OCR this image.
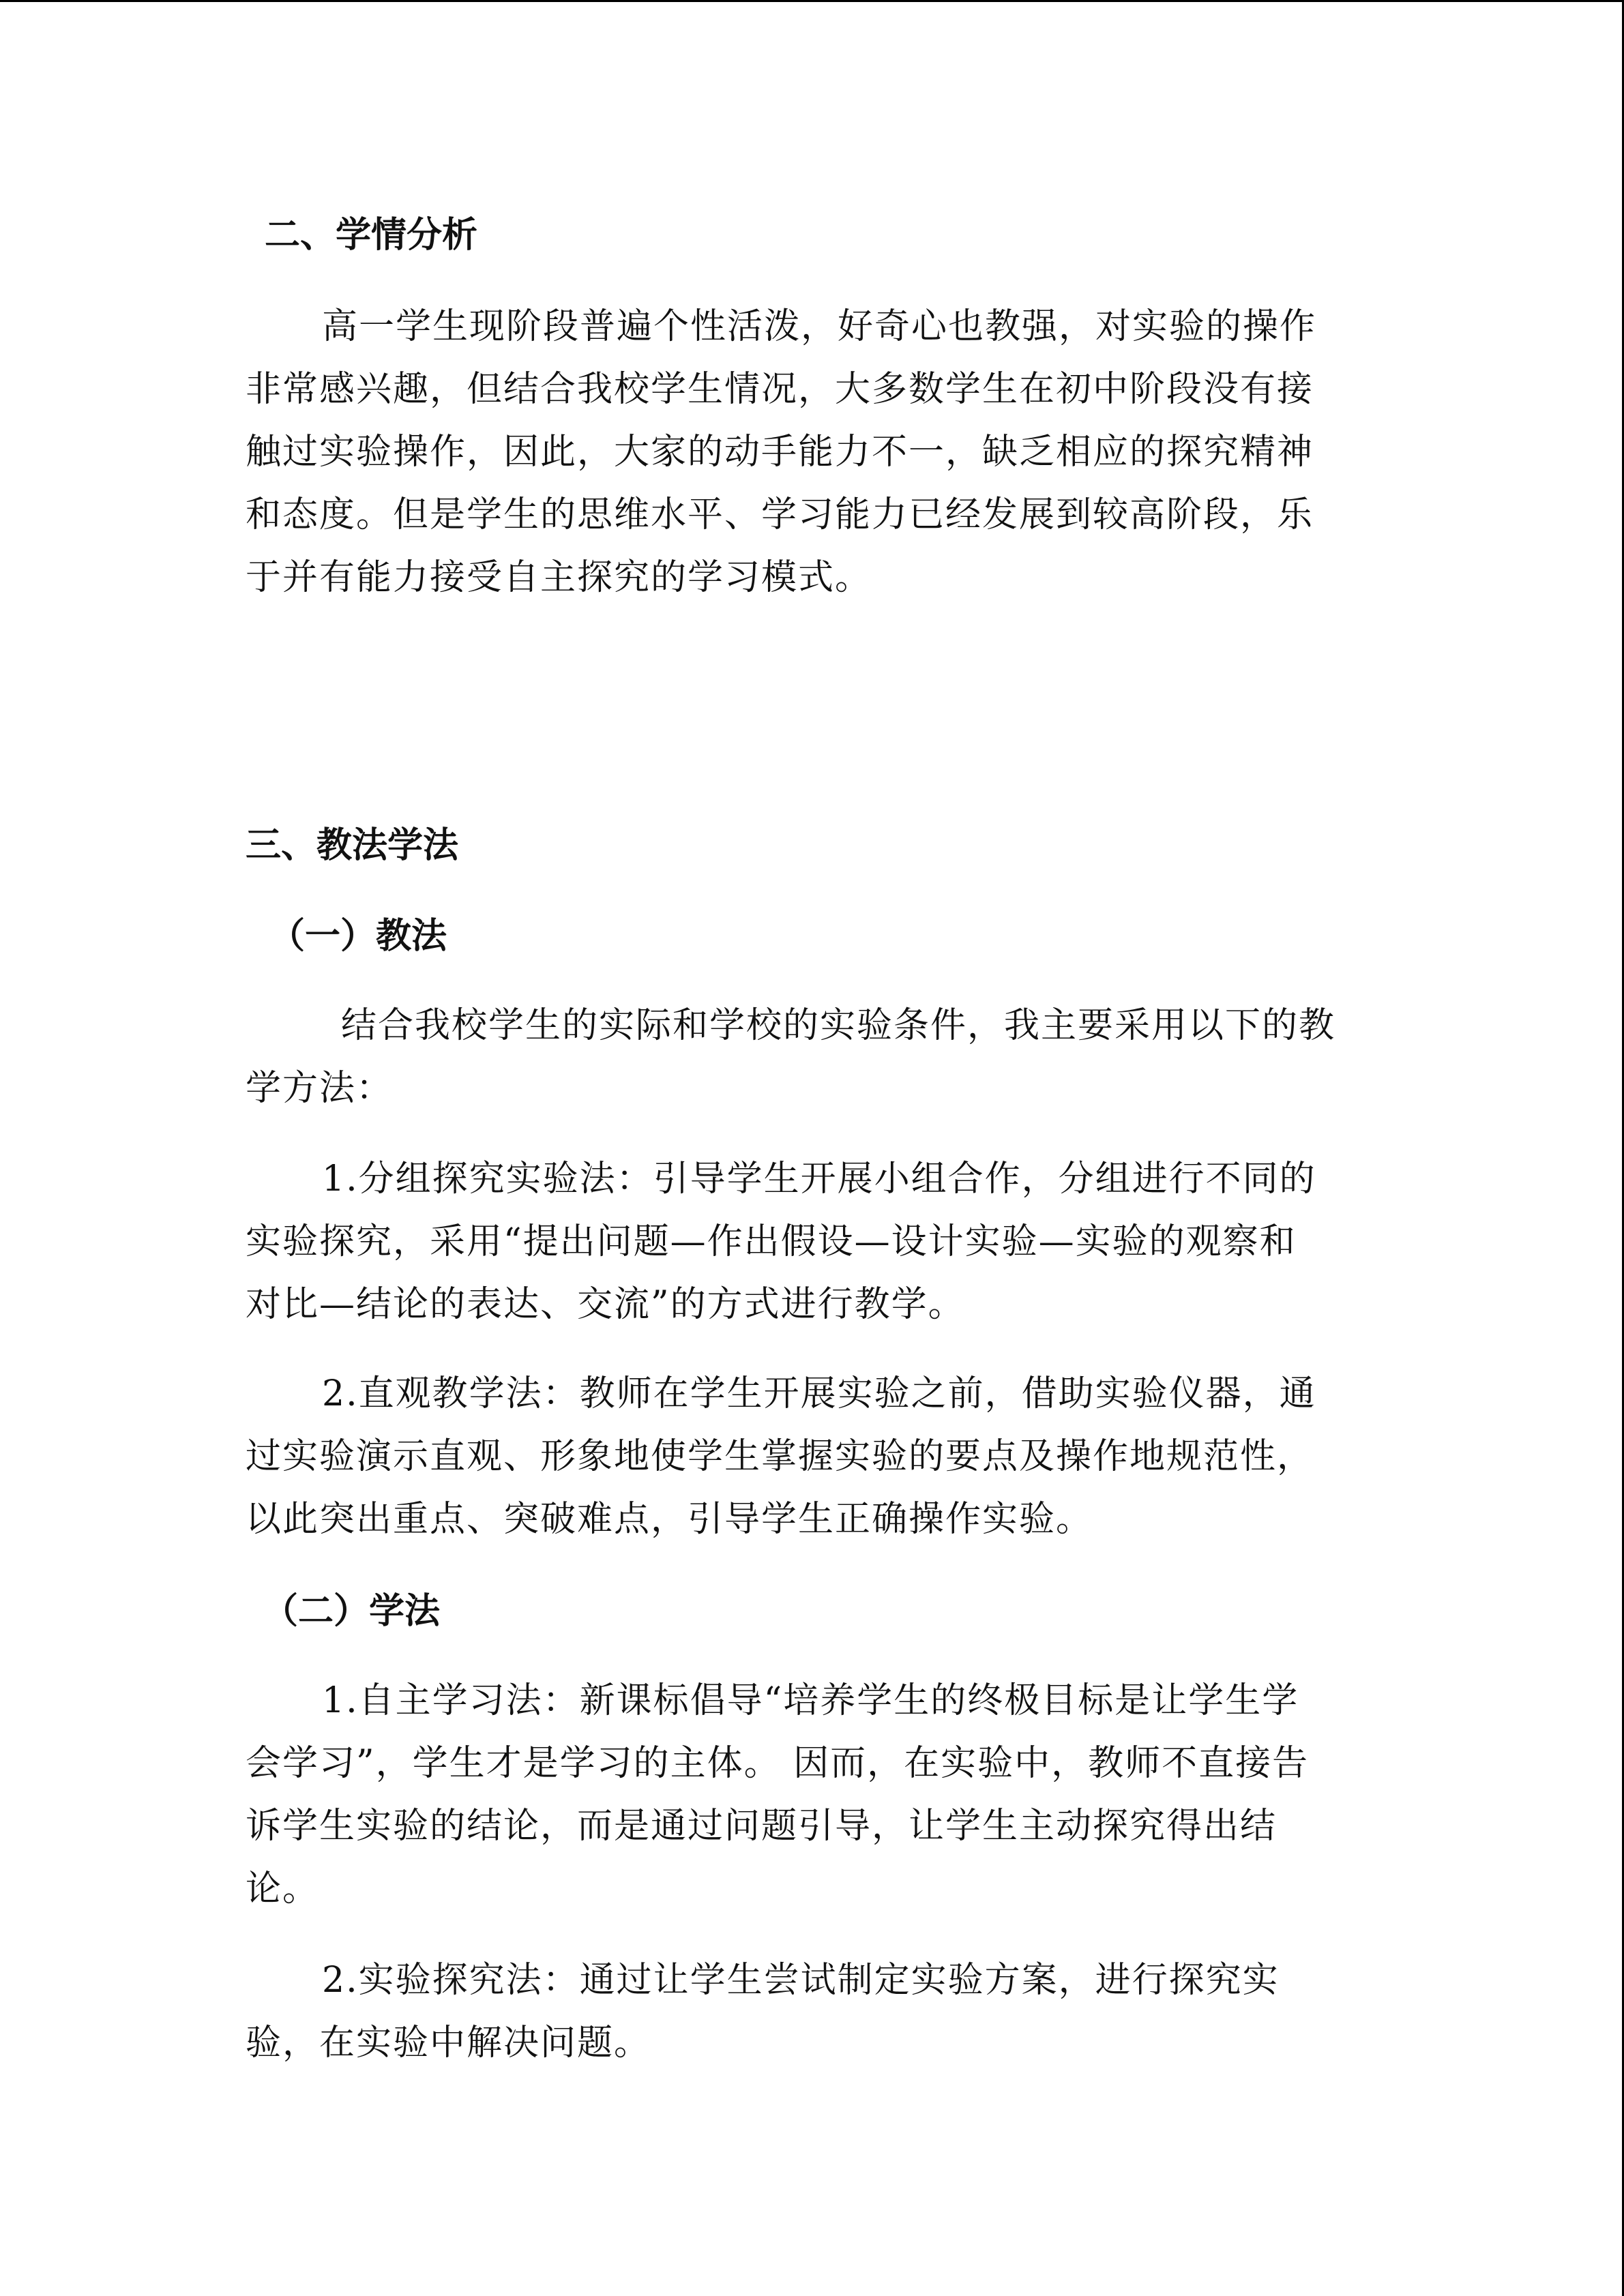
二、学情分析
高一学生现阶段普遍个性活泼，好奇心也教强，对实验的操作
非常感兴趣，但结合我校学生情况，大多数学生在初中阶段没有接
触过实验操作，因此，大家的动手能力不一，缺乏相应的探究精神
和态度。但是学生的思维水平、学习能力已经发展到较高阶段，乐
于并有能力接受自主探究的学习模式。
三、教法学法
（一）教法
结合我校学生的实际和学校的实验条件，我主要采用以下的教
学方法：
1.分组探究实验法：引导学生开展小组合作，分组进行不同的
实验探究，采用“提出问题—作出假设—设计实验—实验的观察和
对比—结论的表达、交流”的方式进行教学。
2.直观教学法：教师在学生开展实验之前，借助实验仪器，通
过实验演示直观、形象地使学生掌握实验的要点及操作地规范性，
以此突出重点、突破难点，引导学生正确操作实验。
（二）学法
1.自主学习法：新课标倡导“培养学生的终极目标是让学生学
会学习”，学生才是学习的主体。 因而，在实验中，教师不直接告
诉学生实验的结论，而是通过问题引导，让学生主动探究得出结
论。
2.实验探究法：通过让学生尝试制定实验方案，进行探究实
验，在实验中解决问题。
